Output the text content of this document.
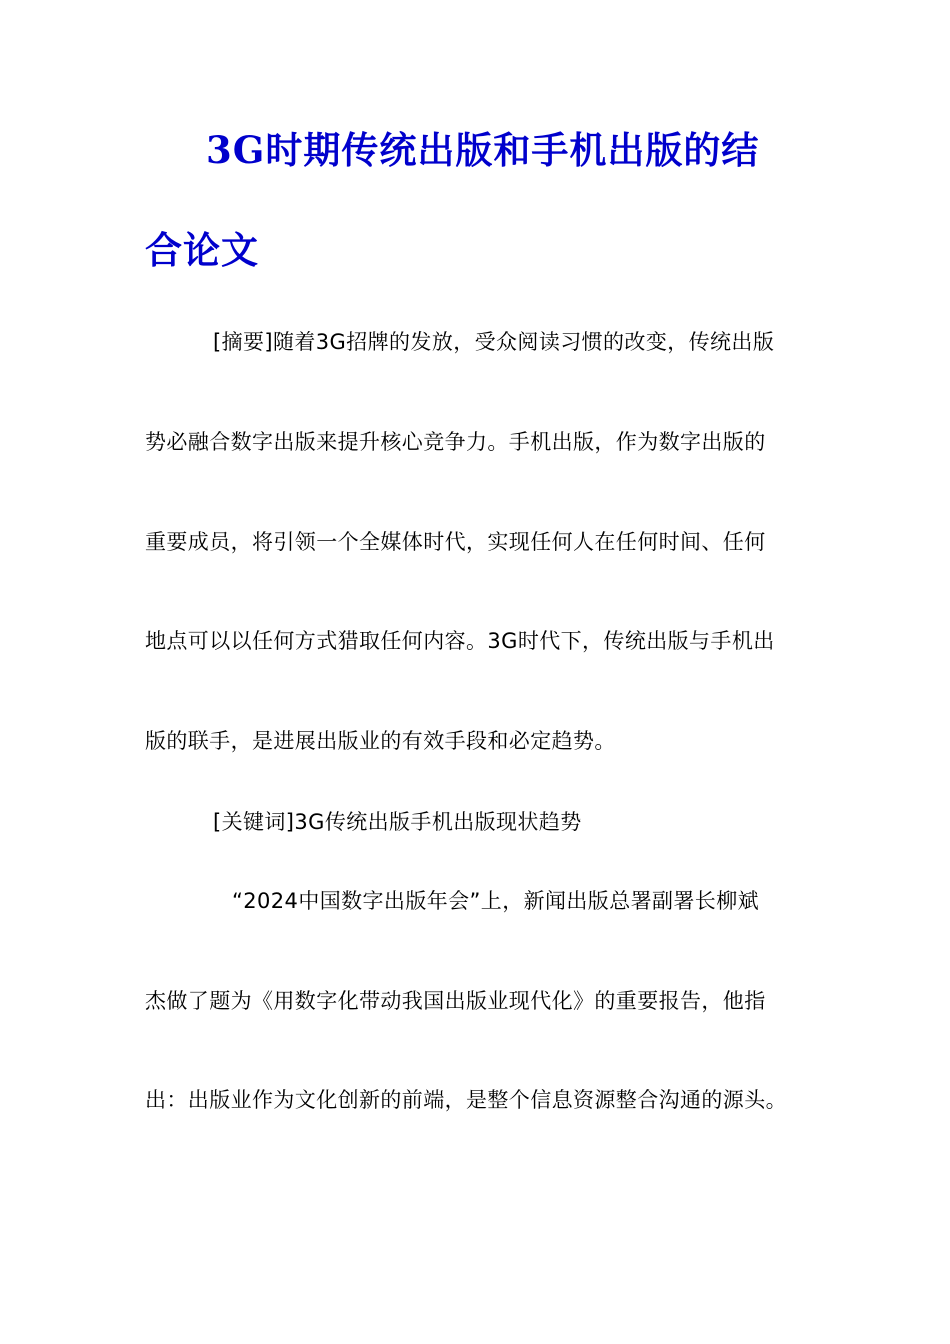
3G时期传统出版和手机出版的结
合论文
[摘要]随着3G招牌的发放，受众阅读习惯的改变，传统出版
势必融合数字出版来提升核心竞争力。手机出版，作为数字出版的
重要成员，将引领一个全媒体时代，实现任何人在任何时间、任何
地点可以以任何方式猎取任何内容。3G时代下，传统出版与手机出
版的联手，是进展出版业的有效手段和必定趋势。
[关键词]3G传统出版手机出版现状趋势
“2024中国数字出版年会”上，新闻出版总署副署长柳斌
杰做了题为《用数字化带动我国出版业现代化》的重要报告，他指
出：出版业作为文化创新的前端，是整个信息资源整合沟通的源头。
